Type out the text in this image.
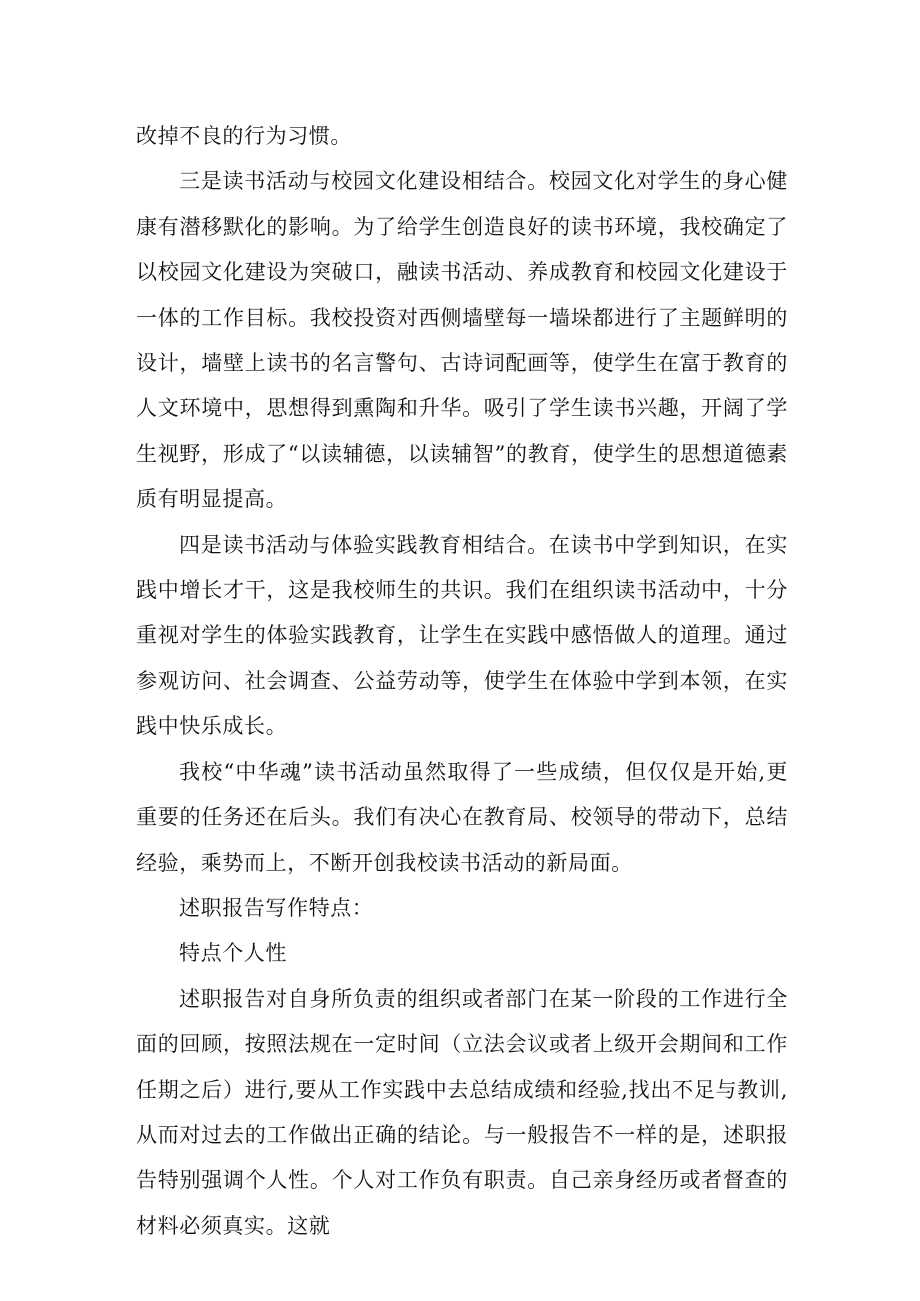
改掉不良的行为习惯。

三是读书活动与校园文化建设相结合。校园文化对学生的身心健康有潜移默化的影响。为了给学生创造良好的读书环境，我校确定了以校园文化建设为突破口，融读书活动、养成教育和校园文化建设于一体的工作目标。我校投资对西侧墙壁每一墙垛都进行了主题鲜明的设计，墙壁上读书的名言警句、古诗词配画等，使学生在富于教育的人文环境中，思想得到熏陶和升华。吸引了学生读书兴趣，开阔了学生视野，形成了“以读辅德，以读辅智”的教育，使学生的思想道德素质有明显提高。

四是读书活动与体验实践教育相结合。在读书中学到知识，在实践中增长才干，这是我校师生的共识。我们在组织读书活动中，十分重视对学生的体验实践教育，让学生在实践中感悟做人的道理。通过参观访问、社会调查、公益劳动等，使学生在体验中学到本领，在实践中快乐成长。

我校“中华魂”读书活动虽然取得了一些成绩，但仅仅是开始,更重要的任务还在后头。我们有决心在教育局、校领导的带动下，总结经验，乘势而上，不断开创我校读书活动的新局面。

述职报告写作特点：

特点个人性

述职报告对自身所负责的组织或者部门在某一阶段的工作进行全面的回顾，按照法规在一定时间（立法会议或者上级开会期间和工作任期之后）进行,要从工作实践中去总结成绩和经验,找出不足与教训,从而对过去的工作做出正确的结论。与一般报告不一样的是，述职报告特别强调个人性。个人对工作负有职责。自己亲身经历或者督查的材料必须真实。这就
